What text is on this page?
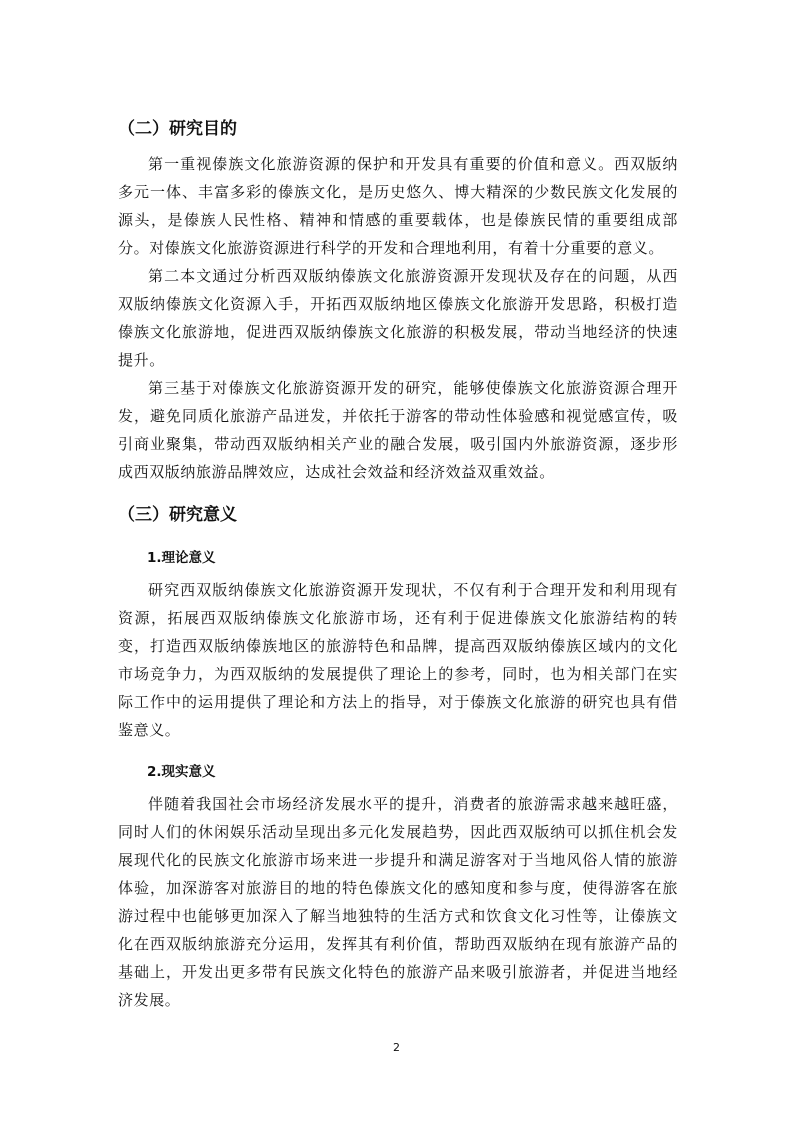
（二）研究目的

第一重视傣族文化旅游资源的保护和开发具有重要的价值和意义。西双版纳多元一体、丰富多彩的傣族文化，是历史悠久、博大精深的少数民族文化发展的源头，是傣族人民性格、精神和情感的重要载体，也是傣族民情的重要组成部分。对傣族文化旅游资源进行科学的开发和合理地利用，有着十分重要的意义。

第二本文通过分析西双版纳傣族文化旅游资源开发现状及存在的问题，从西双版纳傣族文化资源入手，开拓西双版纳地区傣族文化旅游开发思路，积极打造傣族文化旅游地，促进西双版纳傣族文化旅游的积极发展，带动当地经济的快速提升。

第三基于对傣族文化旅游资源开发的研究，能够使傣族文化旅游资源合理开发，避免同质化旅游产品迸发，并依托于游客的带动性体验感和视觉感宣传，吸引商业聚集，带动西双版纳相关产业的融合发展，吸引国内外旅游资源，逐步形成西双版纳旅游品牌效应，达成社会效益和经济效益双重效益。

（三）研究意义
1.理论意义

研究西双版纳傣族文化旅游资源开发现状，不仅有利于合理开发和利用现有资源，拓展西双版纳傣族文化旅游市场，还有利于促进傣族文化旅游结构的转变，打造西双版纳傣族地区的旅游特色和品牌，提高西双版纳傣族区域内的文化市场竞争力，为西双版纳的发展提供了理论上的参考，同时，也为相关部门在实际工作中的运用提供了理论和方法上的指导，对于傣族文化旅游的研究也具有借鉴意义。

2.现实意义

伴随着我国社会市场经济发展水平的提升，消费者的旅游需求越来越旺盛，同时人们的休闲娱乐活动呈现出多元化发展趋势，因此西双版纳可以抓住机会发展现代化的民族文化旅游市场来进一步提升和满足游客对于当地风俗人情的旅游体验，加深游客对旅游目的地的特色傣族文化的感知度和参与度，使得游客在旅游过程中也能够更加深入了解当地独特的生活方式和饮食文化习性等，让傣族文化在西双版纳旅游充分运用，发挥其有利价值，帮助西双版纳在现有旅游产品的基础上，开发出更多带有民族文化特色的旅游产品来吸引旅游者，并促进当地经济发展。

2
